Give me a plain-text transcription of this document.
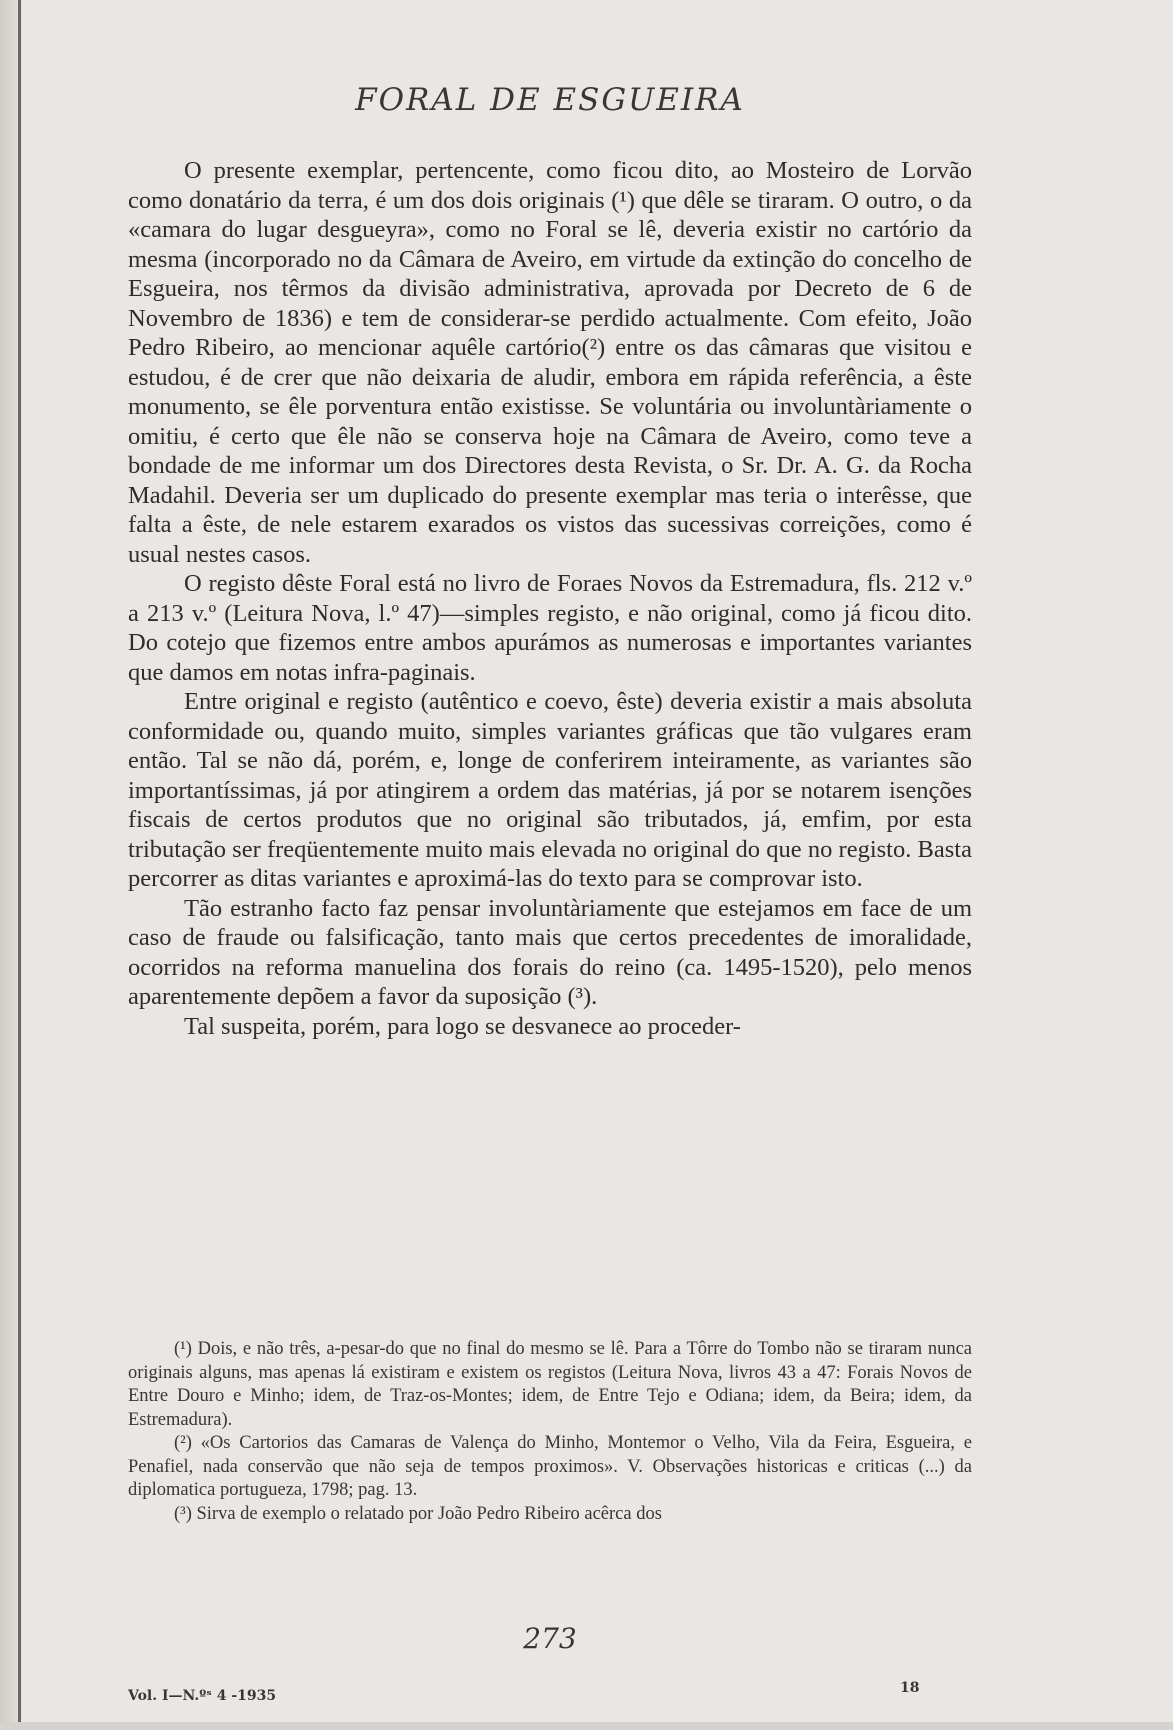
FORAL DE ESGUEIRA

O presente exemplar, pertencente, como ficou dito, ao Mosteiro de Lorvão como donatário da terra, é um dos dois originais (¹) que dêle se tiraram. O outro, o da «camara do lugar desgueyra», como no Foral se lê, deveria existir no cartório da mesma (incorporado no da Câmara de Aveiro, em virtude da extinção do concelho de Esgueira, nos têrmos da divisão administrativa, aprovada por Decreto de 6 de Novembro de 1836) e tem de considerar-se perdido actualmente. Com efeito, João Pedro Ribeiro, ao mencionar aquêle cartório(²) entre os das câmaras que visitou e estudou, é de crer que não deixaria de aludir, embora em rápida referência, a êste monumento, se êle porventura então existisse. Se voluntária ou involuntàriamente o omitiu, é certo que êle não se conserva hoje na Câmara de Aveiro, como teve a bondade de me informar um dos Directores desta Revista, o Sr. Dr. A. G. da Rocha Madahil. Deveria ser um duplicado do presente exemplar mas teria o interêsse, que falta a êste, de nele estarem exarados os vistos das sucessivas correições, como é usual nestes casos.

O registo dêste Foral está no livro de Foraes Novos da Estremadura, fls. 212 v.º a 213 v.º (Leitura Nova, l.º 47)—simples registo, e não original, como já ficou dito. Do cotejo que fizemos entre ambos apurámos as numerosas e importantes variantes que damos em notas infra-paginais.

Entre original e registo (autêntico e coevo, êste) deveria existir a mais absoluta conformidade ou, quando muito, simples variantes gráficas que tão vulgares eram então. Tal se não dá, porém, e, longe de conferirem inteiramente, as variantes são importantíssimas, já por atingirem a ordem das matérias, já por se notarem isenções fiscais de certos produtos que no original são tributados, já, emfim, por esta tributação ser freqüentemente muito mais elevada no original do que no registo. Basta percorrer as ditas variantes e aproximá-las do texto para se comprovar isto.

Tão estranho facto faz pensar involuntàriamente que estejamos em face de um caso de fraude ou falsificação, tanto mais que certos precedentes de imoralidade, ocorridos na reforma manuelina dos forais do reino (ca. 1495-1520), pelo menos aparentemente depõem a favor da suposição (³).

Tal suspeita, porém, para logo se desvanece ao proceder-

(¹) Dois, e não três, a-pesar-do que no final do mesmo se lê. Para a Tôrre do Tombo não se tiraram nunca originais alguns, mas apenas lá existiram e existem os registos (Leitura Nova, livros 43 a 47: Forais Novos de Entre Douro e Minho; idem, de Traz-os-Montes; idem, de Entre Tejo e Odiana; idem, da Beira; idem, da Estremadura).

(²) «Os Cartorios das Camaras de Valença do Minho, Montemor o Velho, Vila da Feira, Esgueira, e Penafiel, nada conservão que não seja de tempos proximos». V. Observações historicas e criticas (...) da diplomatica portugueza, 1798; pag. 13.

(³) Sirva de exemplo o relatado por João Pedro Ribeiro acêrca dos

273
Vol. I—N.ºˢ 4 -1935	18
